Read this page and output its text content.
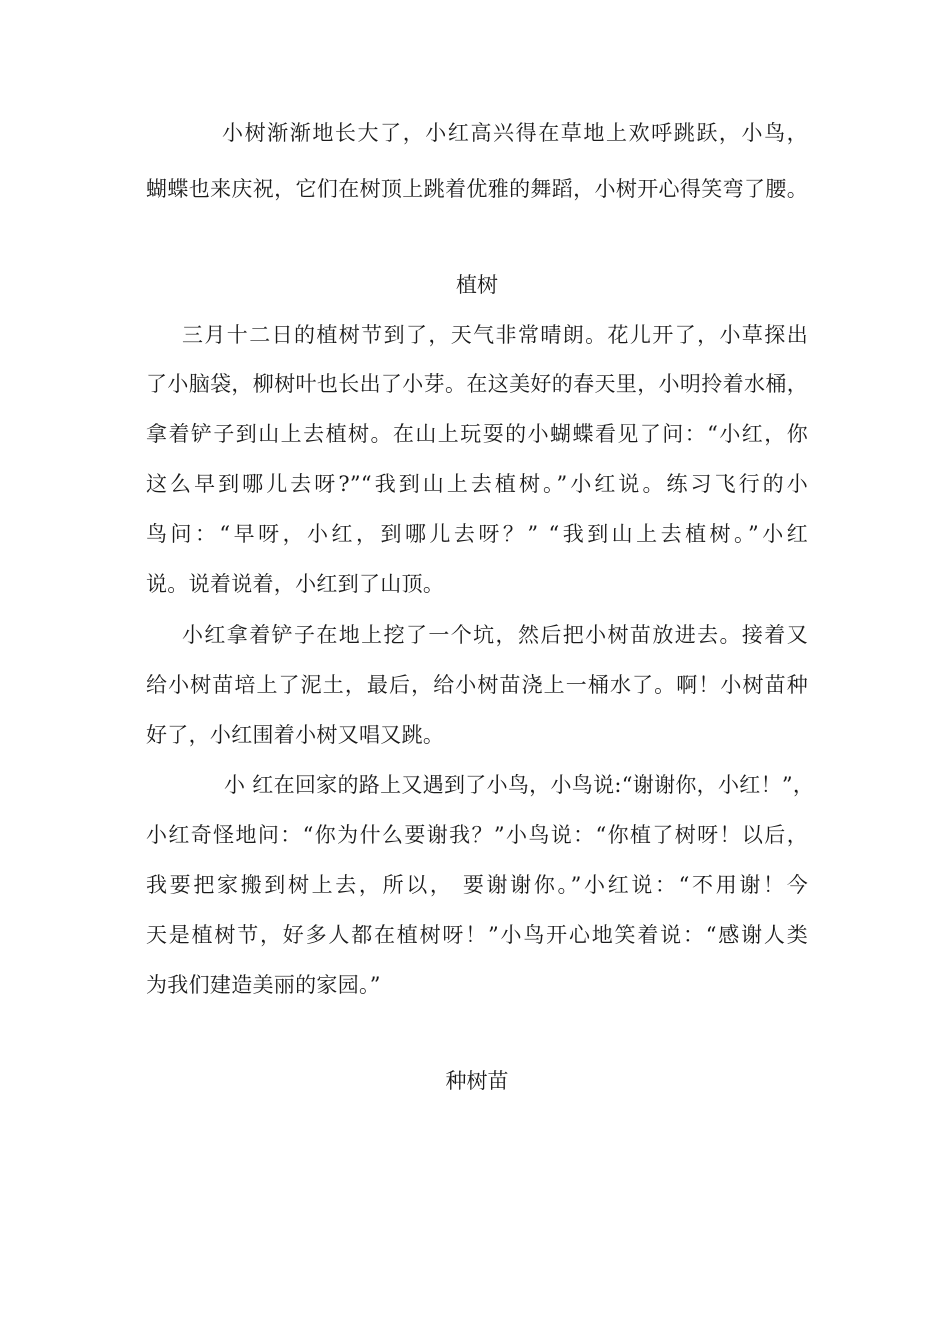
小树渐渐地长大了，小红高兴得在草地上欢呼跳跃，小鸟，
蝴蝶也来庆祝，它们在树顶上跳着优雅的舞蹈，小树开心得笑弯了腰。
植树
三月十二日的植树节到了，天气非常晴朗。花儿开了，小草探出
了小脑袋，柳树叶也长出了小芽。在这美好的春天里，小明拎着水桶，
拿着铲子到山上去植树。在山上玩耍的小蝴蝶看见了问：“小红，你
这么早到哪儿去呀?”“我到山上去植树。”小红说。练习飞行的小
鸟问：“早呀，小红，到哪儿去呀？” “我到山上去植树。”小红
说。说着说着，小红到了山顶。
小红拿着铲子在地上挖了一个坑，然后把小树苗放进去。接着又
给小树苗培上了泥土，最后，给小树苗浇上一桶水了。啊！小树苗种
好了，小红围着小树又唱又跳。
小 红在回家的路上又遇到了小鸟，小鸟说:“谢谢你，小红！”，
小红奇怪地问：“你为什么要谢我？”小鸟说：“你植了树呀！以后，
我要把家搬到树上去，所以， 要谢谢你。”小红说：“不用谢！今
天是植树节，好多人都在植树呀！”小鸟开心地笑着说：“感谢人类
为我们建造美丽的家园。”
种树苗
